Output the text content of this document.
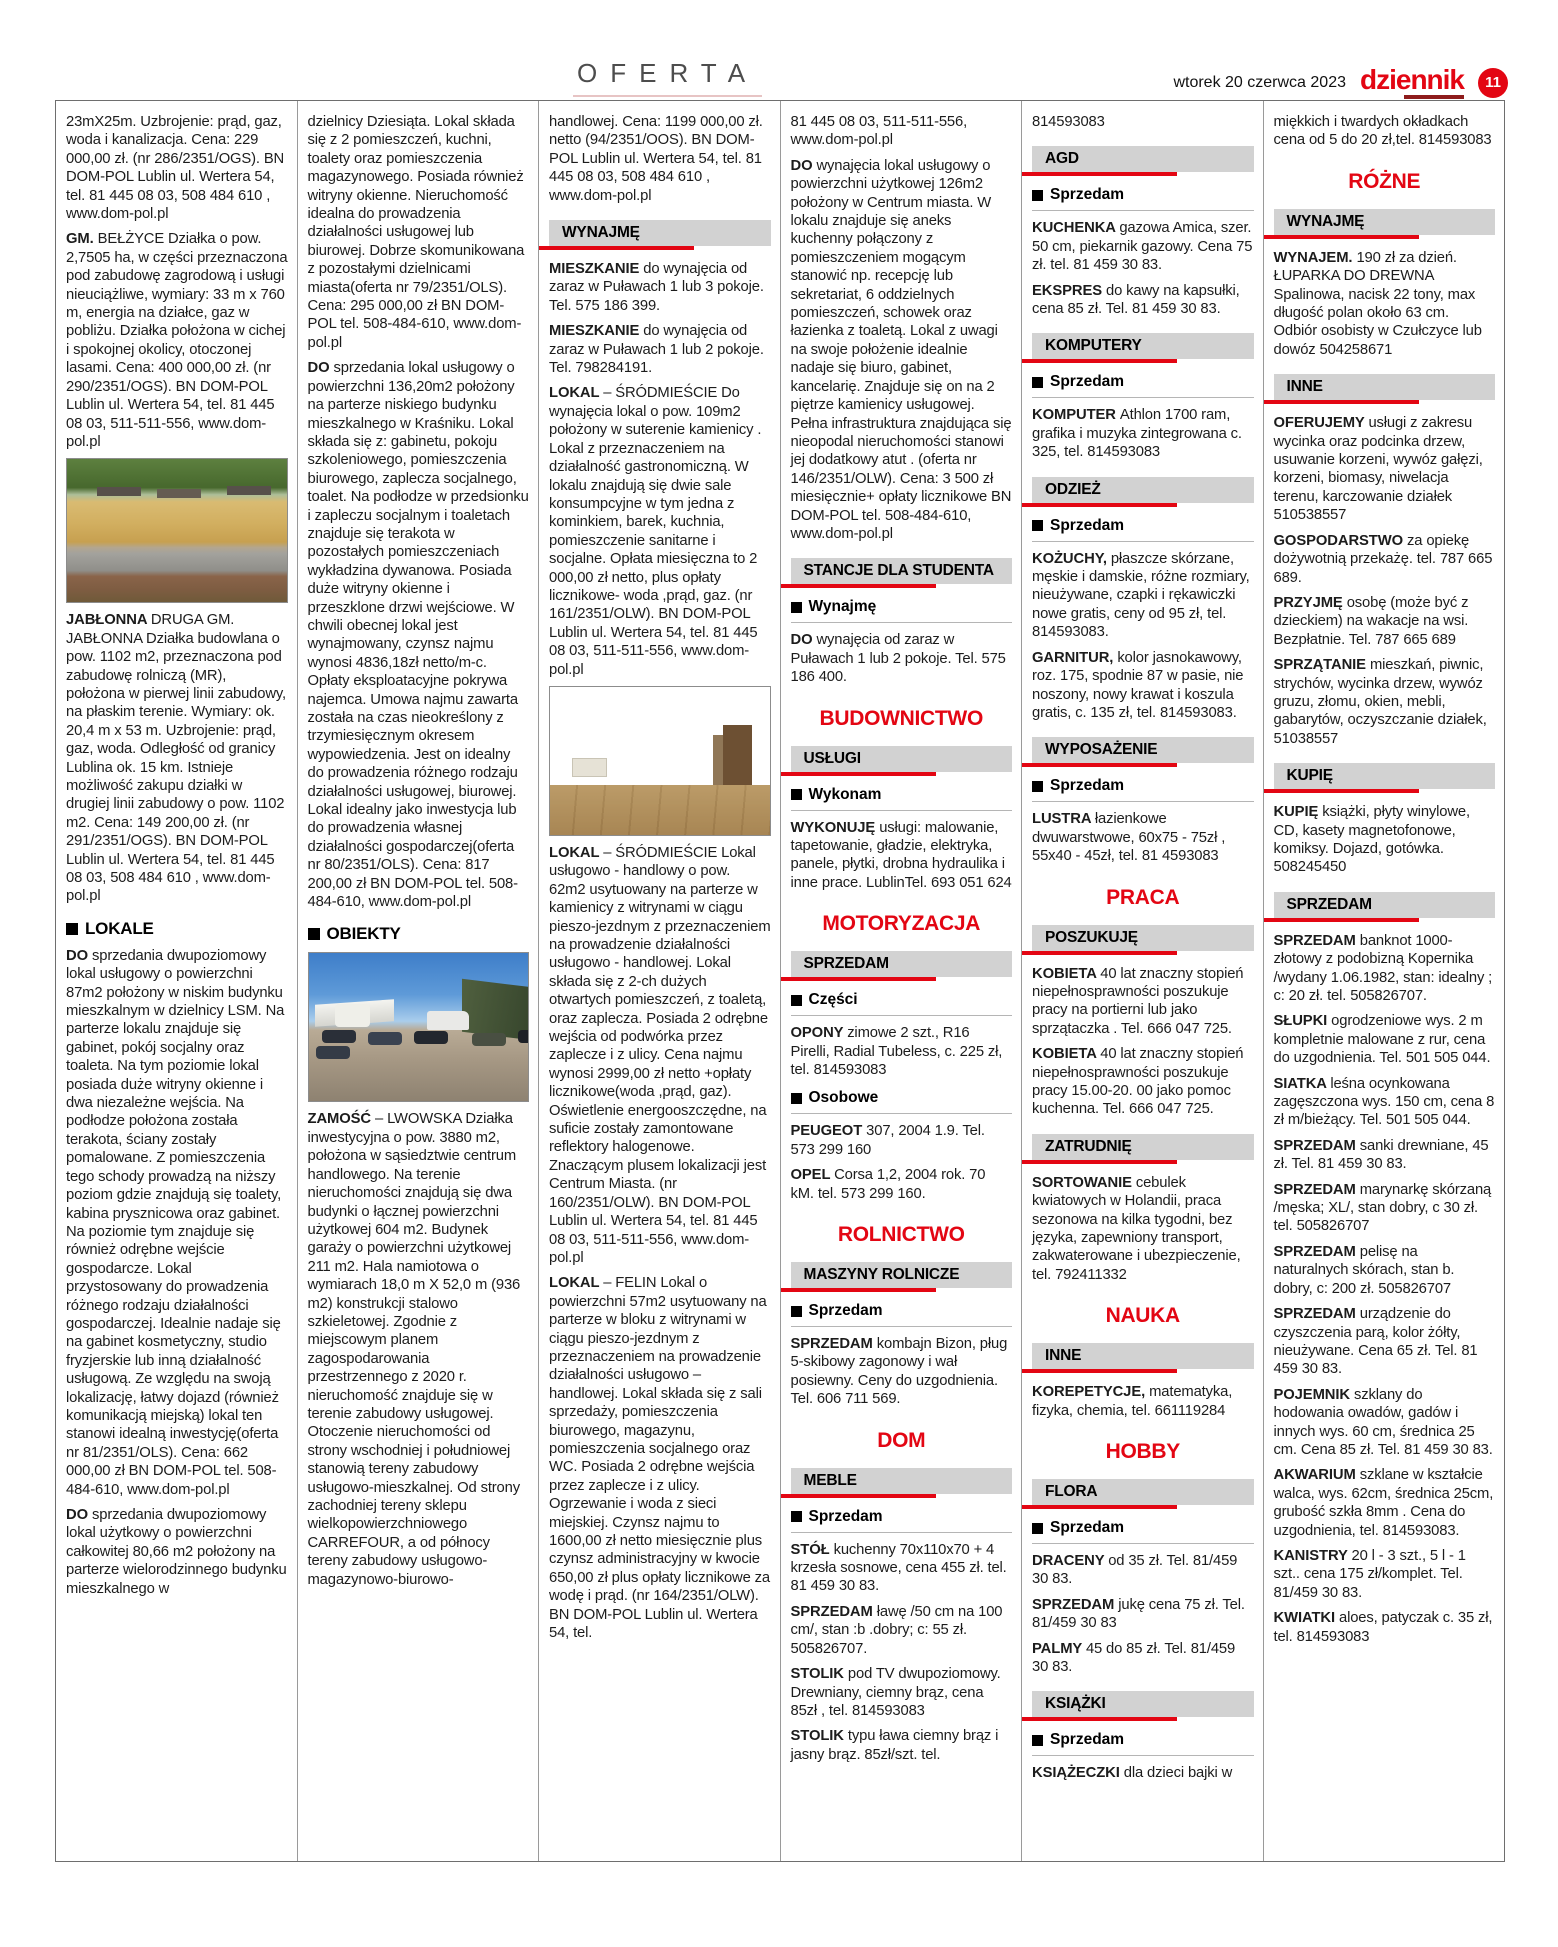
OFERTA	wtorek 20 czerwca 2023 dziennik	11

23mX25m. Uzbrojenie: prąd, gaz, woda i kanalizacja. Cena: 229 000,00 zł. (nr 286/2351/OGS). BN DOM-POL Lublin ul. Wertera 54, tel. 81 445 08 03, 508 484 610 , www.dom-pol.pl

GM. BEŁŻYCE Działka o pow. 2,7505 ha, w części przeznaczona pod zabudowę zagrodową i usługi nieuciążliwe, wymiary: 33 m x 760 m, energia na działce, gaz w pobliżu. Działka położona w cichej i spokojnej okolicy, otoczonej lasami. Cena: 400 000,00 zł. (nr 290/2351/OGS). BN DOM-POL Lublin ul. Wertera 54, tel. 81 445 08 03, 511-511-556, www.dom-pol.pl

JABŁONNA DRUGA GM. JABŁONNA Działka budowlana o pow. 1102 m2, przeznaczona pod zabudowę rolniczą (MR), położona w pierwej linii zabudowy, na płaskim terenie. Wymiary: ok. 20,4 m x 53 m. Uzbrojenie: prąd, gaz, woda. Odległość od granicy Lublina ok. 15 km. Istnieje możliwość zakupu działki w drugiej linii zabudowy o pow. 1102 m2. Cena: 149 200,00 zł. (nr 291/2351/OGS). BN DOM-POL Lublin ul. Wertera 54, tel. 81 445 08 03, 508 484 610 , www.dom-pol.pl

LOKALE

DO sprzedania dwupoziomowy lokal usługowy o powierzchni 87m2 położony w niskim budynku mieszkalnym w dzielnicy LSM. Na parterze lokalu znajduje się gabinet, pokój socjalny oraz toaleta. Na tym poziomie lokal posiada duże witryny okienne i dwa niezależne wejścia. Na podłodze położona została terakota, ściany zostały pomalowane. Z pomieszczenia tego schody prowadzą na niższy poziom gdzie znajdują się toalety, kabina prysznicowa oraz gabinet. Na poziomie tym znajduje się również odrębne wejście gospodarcze. Lokal przystosowany do prowadzenia różnego rodzaju działalności gospodarczej. Idealnie nadaje się na gabinet kosmetyczny, studio fryzjerskie lub inną działalność usługową. Ze względu na swoją lokalizację, łatwy dojazd (również komunikacją miejską) lokal ten stanowi idealną inwestycję(oferta nr 81/2351/OLS). Cena: 662 000,00 zł BN DOM-POL tel. 508-484-610, www.dom-pol.pl

DO sprzedania dwupoziomowy lokal użytkowy o powierzchni całkowitej 80,66 m2 położony na parterze wielorodzinnego budynku mieszkalnego w

dzielnicy Dziesiąta. Lokal składa się z 2 pomieszczeń, kuchni, toalety oraz pomieszczenia magazynowego. Posiada również witryny okienne. Nieruchomość idealna do prowadzenia działalności usługowej lub biurowej. Dobrze skomunikowana z pozostałymi dzielnicami miasta(oferta nr 79/2351/OLS). Cena: 295 000,00 zł BN DOM-POL tel. 508-484-610, www.dom-pol.pl

DO sprzedania lokal usługowy o powierzchni 136,20m2 położony na parterze niskiego budynku mieszkalnego w Kraśniku. Lokal składa się z: gabinetu, pokoju szkoleniowego, pomieszczenia biurowego, zaplecza socjalnego, toalet. Na podłodze w przedsionku i zapleczu socjalnym i toaletach znajduje się terakota w pozostałych pomieszczeniach wykładzina dywanowa. Posiada duże witryny okienne i przeszklone drzwi wejściowe. W chwili obecnej lokal jest wynajmowany, czynsz najmu wynosi 4836,18zł netto/m-c. Opłaty eksploatacyjne pokrywa najemca. Umowa najmu zawarta została na czas nieokreślony z trzymiesięcznym okresem wypowiedzenia. Jest on idealny do prowadzenia różnego rodzaju działalności usługowej, biurowej. Lokal idealny jako inwestycja lub do prowadzenia własnej działalności gospodarczej(oferta nr 80/2351/OLS). Cena: 817 200,00 zł BN DOM-POL tel. 508-484-610, www.dom-pol.pl

OBIEKTY

ZAMOŚĆ – LWOWSKA Działka inwestycyjna o pow. 3880 m2, położona w sąsiedztwie centrum handlowego. Na terenie nieruchomości znajdują się dwa budynki o łącznej powierzchni użytkowej 604 m2. Budynek garaży o powierzchni użytkowej 211 m2. Hala namiotowa o wymiarach 18,0 m X 52,0 m (936 m2) konstrukcji stalowo szkieletowej. Zgodnie z miejscowym planem zagospodarowania przestrzennego z 2020 r. nieruchomość znajduje się w terenie zabudowy usługowej. Otoczenie nieruchomości od strony wschodniej i południowej stanowią tereny zabudowy usługowo-mieszkalnej. Od strony zachodniej tereny sklepu wielkopowierzchniowego CARREFOUR, a od północy tereny zabudowy usługowo-magazynowo-biurowo-

handlowej. Cena: 1199 000,00 zł. netto (94/2351/OOS). BN DOM-POL Lublin ul. Wertera 54, tel. 81 445 08 03, 508 484 610 , www.dom-pol.pl

WYNAJMĘ

MIESZKANIE do wynajęcia od zaraz w Puławach 1 lub 3 pokoje. Tel. 575 186 399.

MIESZKANIE do wynajęcia od zaraz w Puławach 1 lub 2 pokoje. Tel. 798284191.

LOKAL – ŚRÓDMIEŚCIE Do wynajęcia lokal o pow. 109m2 położony w suterenie kamienicy . Lokal z przeznaczeniem na działalność gastronomiczną. W lokalu znajdują się dwie sale konsumpcyjne w tym jedna z kominkiem, barek, kuchnia, pomieszczenie sanitarne i socjalne. Opłata miesięczna to 2 000,00 zł netto, plus opłaty licznikowe- woda ,prąd, gaz. (nr 161/2351/OLW). BN DOM-POL Lublin ul. Wertera 54, tel. 81 445 08 03, 511-511-556, www.dom-pol.pl

LOKAL – ŚRÓDMIEŚCIE Lokal usługowo - handlowy o pow. 62m2 usytuowany na parterze w kamienicy z witrynami w ciągu pieszo-jezdnym z przeznaczeniem na prowadzenie działalności usługowo - handlowej. Lokal składa się z 2-ch dużych otwartych pomieszczeń, z toaletą, oraz zaplecza. Posiada 2 odrębne wejścia od podwórka przez zaplecze i z ulicy. Cena najmu wynosi 2999,00 zł netto +opłaty licznikowe(woda ,prąd, gaz). Oświetlenie energooszczędne, na suficie zostały zamontowane reflektory halogenowe. Znaczącym plusem lokalizacji jest Centrum Miasta. (nr 160/2351/OLW). BN DOM-POL Lublin ul. Wertera 54, tel. 81 445 08 03, 511-511-556, www.dom-pol.pl

LOKAL – FELIN Lokal o powierzchni 57m2 usytuowany na parterze w bloku z witrynami w ciągu pieszo-jezdnym z przeznaczeniem na prowadzenie działalności usługowo – handlowej. Lokal składa się z sali sprzedaży, pomieszczenia biurowego, magazynu, pomieszczenia socjalnego oraz WC. Posiada 2 odrębne wejścia przez zaplecze i z ulicy. Ogrzewanie i woda z sieci miejskiej. Czynsz najmu to 1600,00 zł netto miesięcznie plus czynsz administracyjny w kwocie 650,00 zł plus opłaty licznikowe za wodę i prąd. (nr 164/2351/OLW). BN DOM-POL Lublin ul. Wertera 54, tel.

81 445 08 03, 511-511-556, www.dom-pol.pl

DO wynajęcia lokal usługowy o powierzchni użytkowej 126m2 położony w Centrum miasta. W lokalu znajduje się aneks kuchenny połączony z pomieszczeniem mogącym stanowić np. recepcję lub sekretariat, 6 oddzielnych pomieszczeń, schowek oraz łazienka z toaletą. Lokal z uwagi na swoje położenie idealnie nadaje się biuro, gabinet, kancelarię. Znajduje się on na 2 piętrze kamienicy usługowej. Pełna infrastruktura znajdująca się nieopodal nieruchomości stanowi jej dodatkowy atut . (oferta nr 146/2351/OLW). Cena: 3 500 zł miesięcznie+ opłaty licznikowe BN DOM-POL tel. 508-484-610, www.dom-pol.pl

STANCJE DLA STUDENTA
Wynajmę

DO wynajęcia od zaraz w Puławach 1 lub 2 pokoje. Tel. 575 186 400.

BUDOWNICTWO
USŁUGI
Wykonam

WYKONUJĘ usługi: malowanie, tapetowanie, gładzie, elektryka, panele, płytki, drobna hydraulika i inne prace. LublinTel. 693 051 624

MOTORYZACJA
SPRZEDAM
Części

OPONY zimowe 2 szt., R16 Pirelli, Radial Tubeless, c. 225 zł, tel. 814593083

Osobowe

PEUGEOT 307, 2004 1.9. Tel. 573 299 160

OPEL Corsa 1,2, 2004 rok. 70 kM. tel. 573 299 160.

ROLNICTWO
MASZYNY ROLNICZE
Sprzedam

SPRZEDAM kombajn Bizon, pług 5-skibowy zagonowy i wał posiewny. Ceny do uzgodnienia. Tel. 606 711 569.

DOM
MEBLE
Sprzedam

STÓŁ kuchenny 70x110x70 + 4 krzesła sosnowe, cena 455 zł. tel. 81 459 30 83.

SPRZEDAM ławę /50 cm na 100 cm/, stan :b .dobry; c: 55 zł. 505826707.

STOLIK pod TV dwupoziomowy. Drewniany, ciemny brąz, cena 85zł , tel. 814593083

STOLIK typu ława ciemny brąz i jasny brąz. 85zł/szt. tel.

814593083

AGD
Sprzedam

KUCHENKA gazowa Amica, szer. 50 cm, piekarnik gazowy. Cena 75 zł. tel. 81 459 30 83.

EKSPRES do kawy na kapsułki, cena 85 zł. Tel. 81 459 30 83.

KOMPUTERY
Sprzedam

KOMPUTER Athlon 1700 ram, grafika i muzyka zintegrowana c. 325, tel. 814593083

ODZIEŻ
Sprzedam

KOŻUCHY, płaszcze skórzane, męskie i damskie, różne rozmiary, nieużywane, czapki i rękawiczki nowe gratis, ceny od 95 zł, tel. 814593083.

GARNITUR, kolor jasnokawowy, roz. 175, spodnie 87 w pasie, nie noszony, nowy krawat i koszula gratis, c. 135 zł, tel. 814593083.

WYPOSAŻENIE
Sprzedam

LUSTRA łazienkowe dwuwarstwowe, 60x75 - 75zł , 55x40 - 45zł, tel. 81 4593083

PRACA
POSZUKUJĘ

KOBIETA 40 lat znaczny stopień niepełnosprawności poszukuje pracy na portierni lub jako sprzątaczka . Tel. 666 047 725.

KOBIETA 40 lat znaczny stopień niepełnosprawności poszukuje pracy 15.00-20. 00 jako pomoc kuchenna. Tel. 666 047 725.

ZATRUDNIĘ

SORTOWANIE cebulek kwiatowych w Holandii, praca sezonowa na kilka tygodni, bez języka, zapewniony transport, zakwaterowane i ubezpieczenie, tel. 792411332

NAUKA
INNE

KOREPETYCJE, matematyka, fizyka, chemia, tel. 661119284

HOBBY
FLORA
Sprzedam

DRACENY od 35 zł. Tel. 81/459 30 83.

SPRZEDAM jukę cena 75 zł. Tel. 81/459 30 83

PALMY 45 do 85 zł. Tel. 81/459 30 83.

KSIĄŻKI
Sprzedam

KSIĄŻECZKI dla dzieci bajki w

miękkich i twardych okładkach cena od 5 do 20 zł,tel. 814593083

RÓŻNE
WYNAJMĘ

WYNAJEM. 190 zł za dzień. ŁUPARKA DO DREWNA Spalinowa, nacisk 22 tony, max długość polan około 63 cm. Odbiór osobisty w Czułczyce lub dowóz 504258671

INNE

OFERUJEMY usługi z zakresu wycinka oraz podcinka drzew, usuwanie korzeni, wywóz gałęzi, korzeni, biomasy, niwelacja terenu, karczowanie działek 510538557

GOSPODARSTWO za opiekę dożywotnią przekażę. tel. 787 665 689.

PRZYJMĘ osobę (może być z dzieckiem) na wakacje na wsi. Bezpłatnie. Tel. 787 665 689

SPRZĄTANIE mieszkań, piwnic, strychów, wycinka drzew, wywóz gruzu, złomu, okien, mebli, gabarytów, oczyszczanie działek, 51038557

KUPIĘ

KUPIĘ książki, płyty winylowe, CD, kasety magnetofonowe, komiksy. Dojazd, gotówka. 508245450

SPRZEDAM

SPRZEDAM banknot 1000-złotowy z podobizną Kopernika /wydany 1.06.1982, stan: idealny ; c: 20 zł. tel. 505826707.

SŁUPKI ogrodzeniowe wys. 2 m kompletnie malowane z rur, cena do uzgodnienia. Tel. 501 505 044.

SIATKA leśna ocynkowana zagęszczona wys. 150 cm, cena 8 zł m/bieżący. Tel. 501 505 044.

SPRZEDAM sanki drewniane, 45 zł. Tel. 81 459 30 83.

SPRZEDAM marynarkę skórzaną /męska; XL/, stan dobry, c 30 zł. tel. 505826707

SPRZEDAM pelisę na naturalnych skórach, stan b. dobry, c: 200 zł. 505826707

SPRZEDAM urządzenie do czyszczenia parą, kolor żółty, nieużywane. Cena 65 zł. Tel. 81 459 30 83.

POJEMNIK szklany do hodowania owadów, gadów i innych wys. 60 cm, średnica 25 cm. Cena 85 zł. Tel. 81 459 30 83.

AKWARIUM szklane w kształcie walca, wys. 62cm, średnica 25cm, grubość szkła 8mm . Cena do uzgodnienia, tel. 814593083.

KANISTRY 20 l - 3 szt., 5 l - 1 szt.. cena 175 zł/komplet. Tel. 81/459 30 83.

KWIATKI aloes, patyczak c. 35 zł, tel. 814593083
